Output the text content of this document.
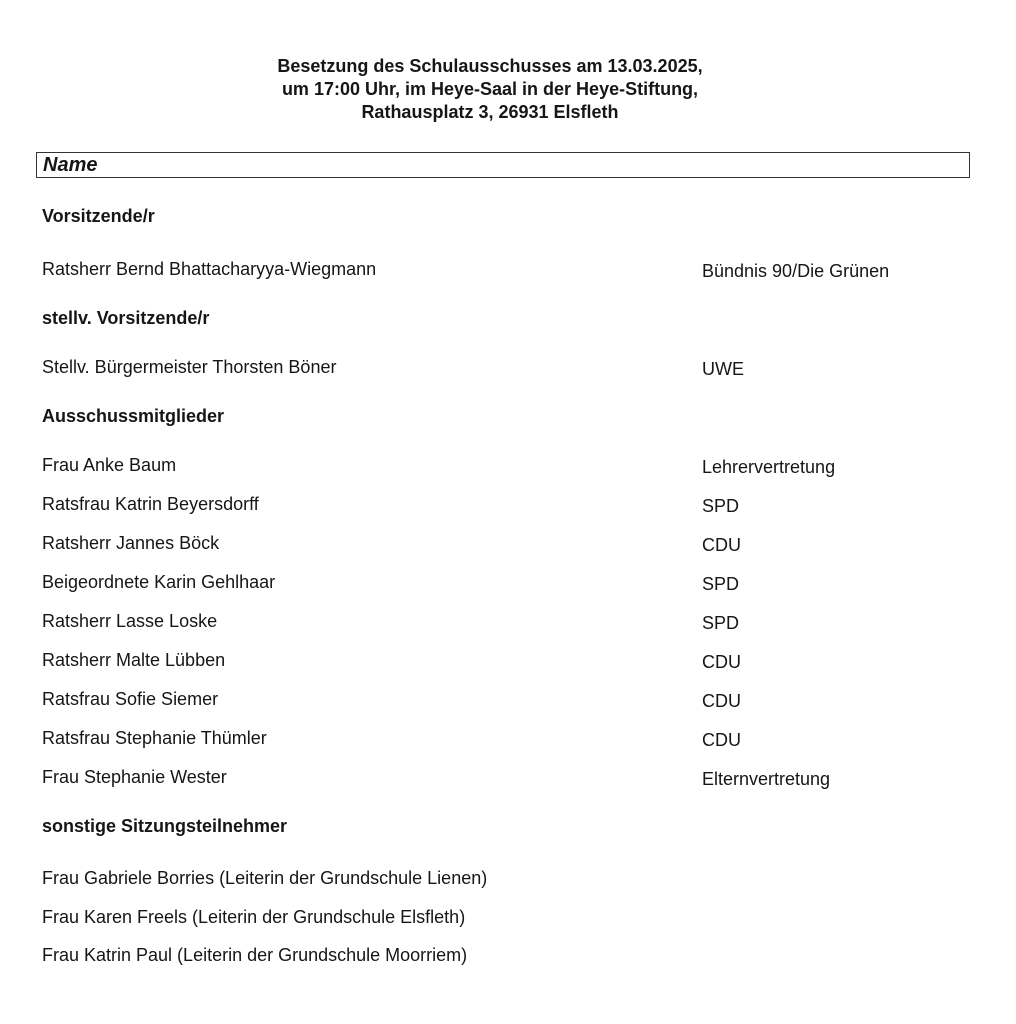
Besetzung des Schulausschusses am 13.03.2025,
um 17:00 Uhr, im Heye-Saal in der Heye-Stiftung,
Rathausplatz 3, 26931 Elsfleth
Name
Vorsitzende/r
Ratsherr Bernd Bhattacharyya-Wiegmann	Bündnis 90/Die Grünen
stellv. Vorsitzende/r
Stellv. Bürgermeister Thorsten Böner	UWE
Ausschussmitglieder
Frau Anke Baum	Lehrervertretung
Ratsfrau Katrin Beyersdorff	SPD
Ratsherr Jannes Böck	CDU
Beigeordnete Karin Gehlhaar	SPD
Ratsherr Lasse Loske	SPD
Ratsherr Malte Lübben	CDU
Ratsfrau Sofie Siemer	CDU
Ratsfrau Stephanie Thümler	CDU
Frau Stephanie Wester	Elternvertretung
sonstige Sitzungsteilnehmer
Frau Gabriele Borries (Leiterin der Grundschule Lienen)
Frau Karen Freels (Leiterin der Grundschule Elsfleth)
Frau Katrin Paul (Leiterin der Grundschule Moorriem)
